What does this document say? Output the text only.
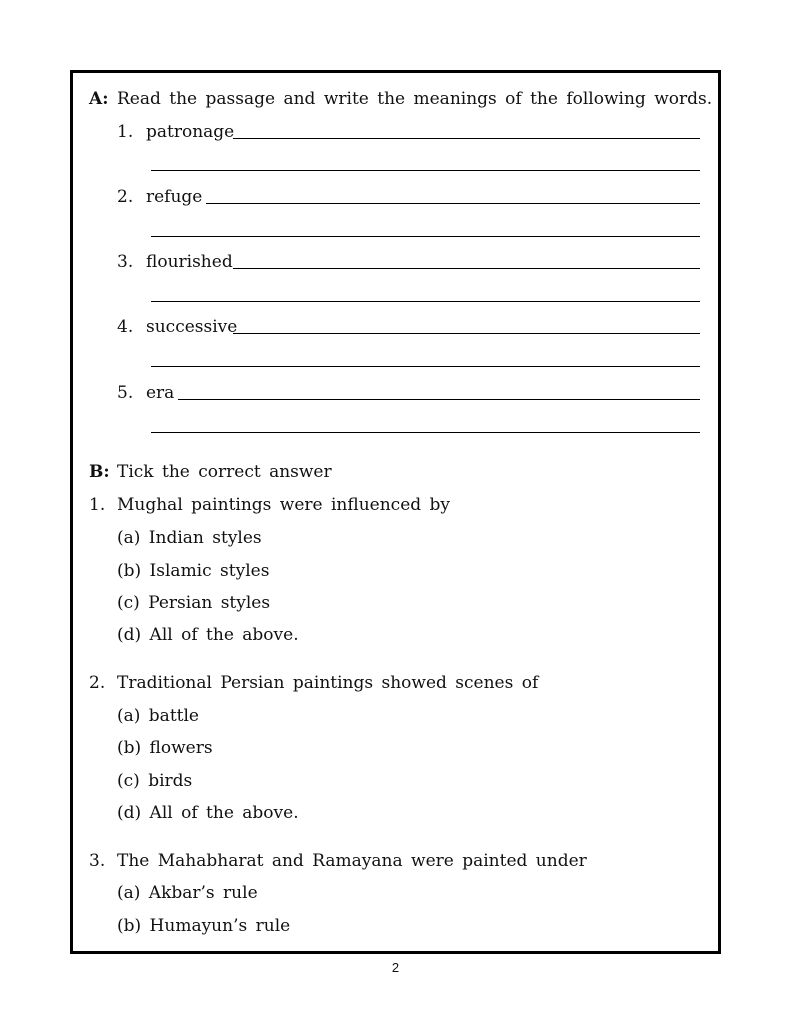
A: Read the passage and write the meanings of the following words.
1. patronage
2. refuge
3. flourished
4. successive
5. era
B: Tick the correct answer
1. Mughal paintings were influenced by
(a) Indian styles
(b) Islamic styles
(c) Persian styles
(d) All of the above.
2. Traditional Persian paintings showed scenes of
(a) battle
(b) flowers
(c) birds
(d) All of the above.
3. The Mahabharat and Ramayana were painted under
(a) Akbar’s rule
(b) Humayun’s rule
2
